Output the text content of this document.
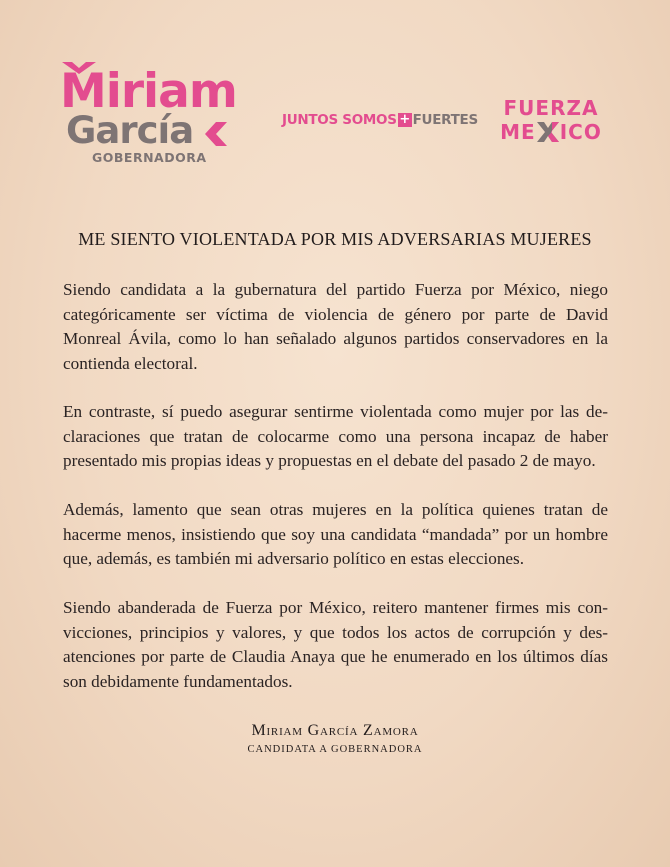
Miriam
García
GOBERNADORA
JUNTOS SOMOS + FUERTES	FUERZA
ME ICO
ME SIENTO VIOLENTADA POR MIS ADVERSARIAS MUJERES

Siendo candidata a la gubernatura del partido Fuerza por México, niego categóricamente ser víctima de violencia de género por parte de David Monreal Ávila, como lo han señalado algunos partidos conservadores en la contienda electoral.

En contraste, sí puedo asegurar sentirme violentada como mujer por las declaraciones que tratan de colocarme como una persona incapaz de haber presentado mis propias ideas y propuestas en el debate del pasado 2 de mayo.

Además, lamento que sean otras mujeres en la política quienes tratan de hacerme menos, insistiendo que soy una candidata “mandada” por un hombre que, además, es también mi adversario político en estas elecciones.

Siendo abanderada de Fuerza por México, reitero mantener firmes mis convicciones, principios y valores, y que todos los actos de corrupción y desatenciones por parte de Claudia Anaya que he enumerado en los últimos días son debidamente fundamentados.

Miriam García Zamora
CANDIDATA A GOBERNADORA
